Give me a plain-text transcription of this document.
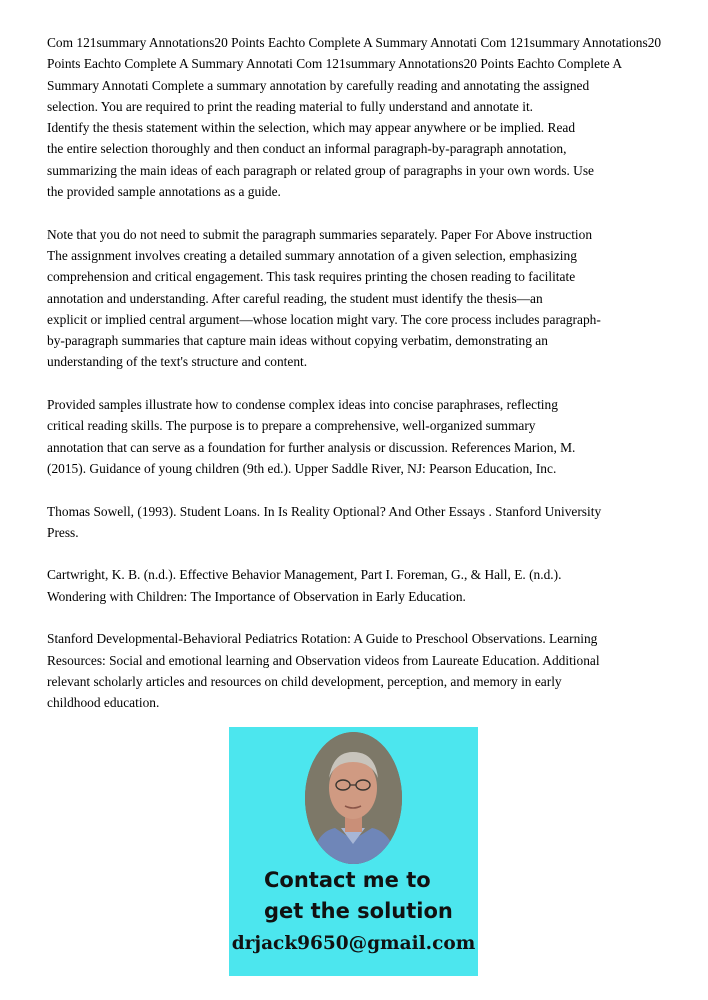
Com 121summary Annotations20 Points Eachto Complete A Summary Annotati Com 121summary Annotations20
Points Eachto Complete A Summary Annotati Com 121summary Annotations20 Points Eachto Complete A
Summary Annotati Complete a summary annotation by carefully reading and annotating the assigned
selection. You are required to print the reading material to fully understand and annotate it.
Identify the thesis statement within the selection, which may appear anywhere or be implied. Read
the entire selection thoroughly and then conduct an informal paragraph-by-paragraph annotation,
summarizing the main ideas of each paragraph or related group of paragraphs in your own words. Use
the provided sample annotations as a guide.

Note that you do not need to submit the paragraph summaries separately. Paper For Above instruction
The assignment involves creating a detailed summary annotation of a given selection, emphasizing
comprehension and critical engagement. This task requires printing the chosen reading to facilitate
annotation and understanding. After careful reading, the student must identify the thesis—an
explicit or implied central argument—whose location might vary. The core process includes paragraph-
by-paragraph summaries that capture main ideas without copying verbatim, demonstrating an
understanding of the text's structure and content.

Provided samples illustrate how to condense complex ideas into concise paraphrases, reflecting
critical reading skills. The purpose is to prepare a comprehensive, well-organized summary
annotation that can serve as a foundation for further analysis or discussion. References Marion, M.
(2015). Guidance of young children (9th ed.). Upper Saddle River, NJ: Pearson Education, Inc.

Thomas Sowell, (1993). Student Loans. In Is Reality Optional? And Other Essays . Stanford University
Press.

Cartwright, K. B. (n.d.). Effective Behavior Management, Part I. Foreman, G., & Hall, E. (n.d.).
Wondering with Children: The Importance of Observation in Early Education.

Stanford Developmental-Behavioral Pediatrics Rotation: A Guide to Preschool Observations. Learning
Resources: Social and emotional learning and Observation videos from Laureate Education. Additional
relevant scholarly articles and resources on child development, perception, and memory in early
childhood education.

Contact me to
get the solution
drjack9650@gmail.com
